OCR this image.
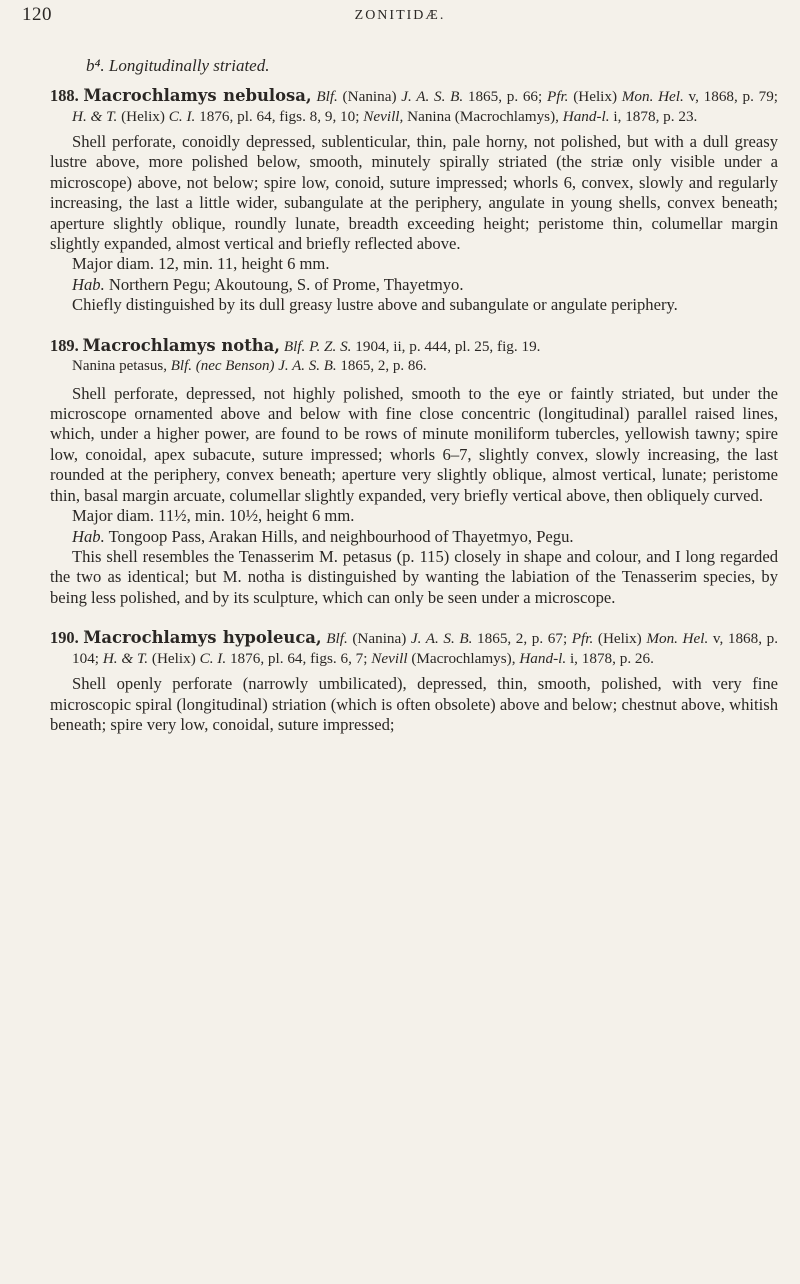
120	ZONITIDÆ.

b⁴. Longitudinally striated.

188. Macrochlamys nebulosa, Blf. (Nanina) J. A. S. B. 1865, p. 66; Pfr. (Helix) Mon. Hel. v, 1868, p. 79; H. & T. (Helix) C. I. 1876, pl. 64, figs. 8, 9, 10; Nevill, Nanina (Macrochlamys), Hand-l. i, 1878, p. 23.

Shell perforate, conoidly depressed, sublenticular, thin, pale horny, not polished, but with a dull greasy lustre above, more polished below, smooth, minutely spirally striated (the striæ only visible under a microscope) above, not below; spire low, conoid, suture impressed; whorls 6, convex, slowly and regularly increasing, the last a little wider, subangulate at the periphery, angulate in young shells, convex beneath; aperture slightly oblique, roundly lunate, breadth exceeding height; peristome thin, columellar margin slightly expanded, almost vertical and briefly reflected above.

Major diam. 12, min. 11, height 6 mm.

Hab. Northern Pegu; Akoutoung, S. of Prome, Thayetmyo.

Chiefly distinguished by its dull greasy lustre above and subangulate or angulate periphery.

189. Macrochlamys notha, Blf. P. Z. S. 1904, ii, p. 444, pl. 25, fig. 19.

Nanina petasus, Blf. (nec Benson) J. A. S. B. 1865, 2, p. 86.

Shell perforate, depressed, not highly polished, smooth to the eye or faintly striated, but under the microscope ornamented above and below with fine close concentric (longitudinal) parallel raised lines, which, under a higher power, are found to be rows of minute moniliform tubercles, yellowish tawny; spire low, conoidal, apex subacute, suture impressed; whorls 6–7, slightly convex, slowly increasing, the last rounded at the periphery, convex beneath; aperture very slightly oblique, almost vertical, lunate; peristome thin, basal margin arcuate, columellar slightly expanded, very briefly vertical above, then obliquely curved.

Major diam. 11½, min. 10½, height 6 mm.

Hab. Tongoop Pass, Arakan Hills, and neighbourhood of Thayetmyo, Pegu.

This shell resembles the Tenasserim M. petasus (p. 115) closely in shape and colour, and I long regarded the two as identical; but M. notha is distinguished by wanting the labiation of the Tenasserim species, by being less polished, and by its sculpture, which can only be seen under a microscope.

190. Macrochlamys hypoleuca, Blf. (Nanina) J. A. S. B. 1865, 2, p. 67; Pfr. (Helix) Mon. Hel. v, 1868, p. 104; H. & T. (Helix) C. I. 1876, pl. 64, figs. 6, 7; Nevill (Macrochlamys), Hand-l. i, 1878, p. 26.

Shell openly perforate (narrowly umbilicated), depressed, thin, smooth, polished, with very fine microscopic spiral (longitudinal) striation (which is often obsolete) above and below; chestnut above, whitish beneath; spire very low, conoidal, suture impressed;
